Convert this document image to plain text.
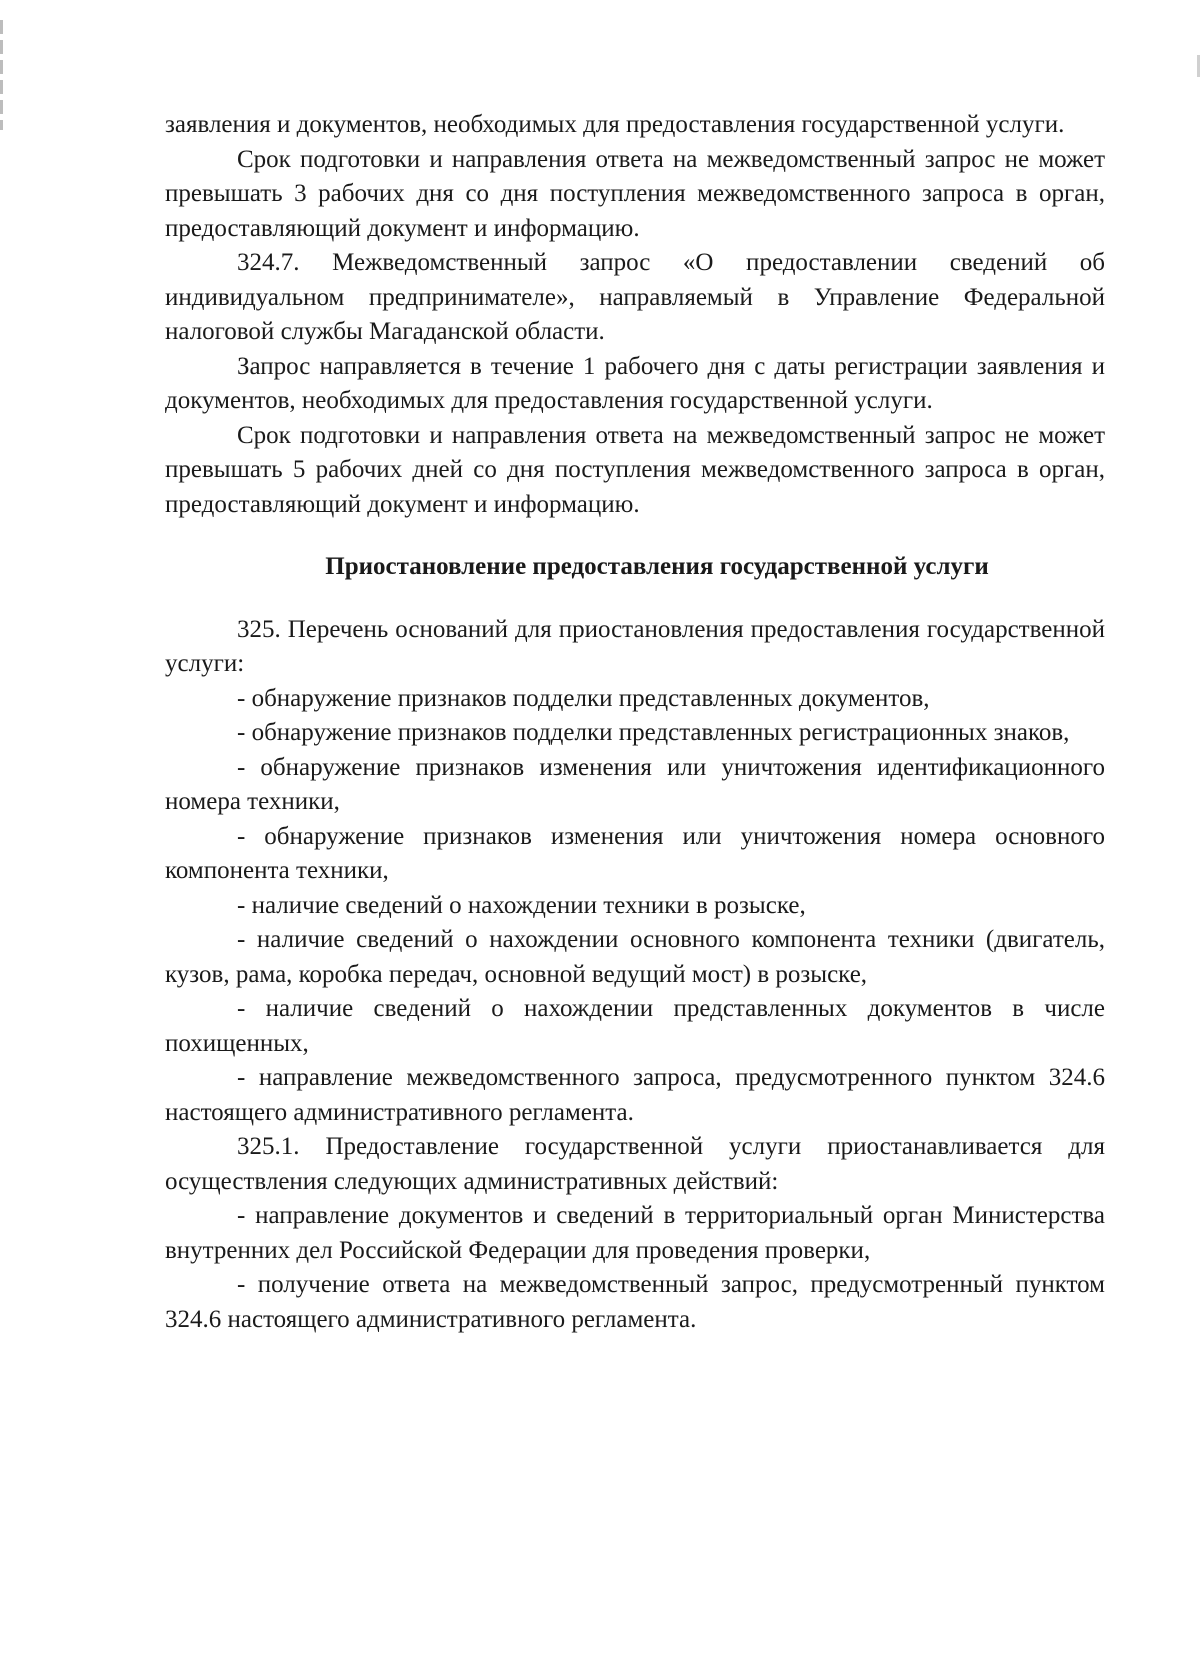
заявления и документов, необходимых для предоставления государственной услуги.

Срок подготовки и направления ответа на межведомственный запрос не может превышать 3 рабочих дня со дня поступления межведомственного запроса в орган, предоставляющий документ и информацию.

324.7. Межведомственный запрос «О предоставлении сведений об индивидуальном предпринимателе», направляемый в Управление Федеральной налоговой службы Магаданской области.

Запрос направляется в течение 1 рабочего дня с даты регистрации заявления и документов, необходимых для предоставления государственной услуги.

Срок подготовки и направления ответа на межведомственный запрос не может превышать 5 рабочих дней со дня поступления межведомственного запроса в орган, предоставляющий документ и информацию.

Приостановление предоставления государственной услуги

325. Перечень оснований для приостановления предоставления государственной услуги:

- обнаружение признаков подделки представленных документов,

- обнаружение признаков подделки представленных регистрационных знаков,

- обнаружение признаков изменения или уничтожения идентификационного номера техники,

- обнаружение признаков изменения или уничтожения номера основного компонента техники,

- наличие сведений о нахождении техники в розыске,

- наличие сведений о нахождении основного компонента техники (двигатель, кузов, рама, коробка передач, основной ведущий мост) в розыске,

- наличие сведений о нахождении представленных документов в числе похищенных,

- направление межведомственного запроса, предусмотренного пунктом 324.6 настоящего административного регламента.

325.1. Предоставление государственной услуги приостанавливается для осуществления следующих административных действий:

- направление документов и сведений в территориальный орган Министерства внутренних дел Российской Федерации для проведения проверки,

- получение ответа на межведомственный запрос, предусмотренный пунктом 324.6 настоящего административного регламента.
